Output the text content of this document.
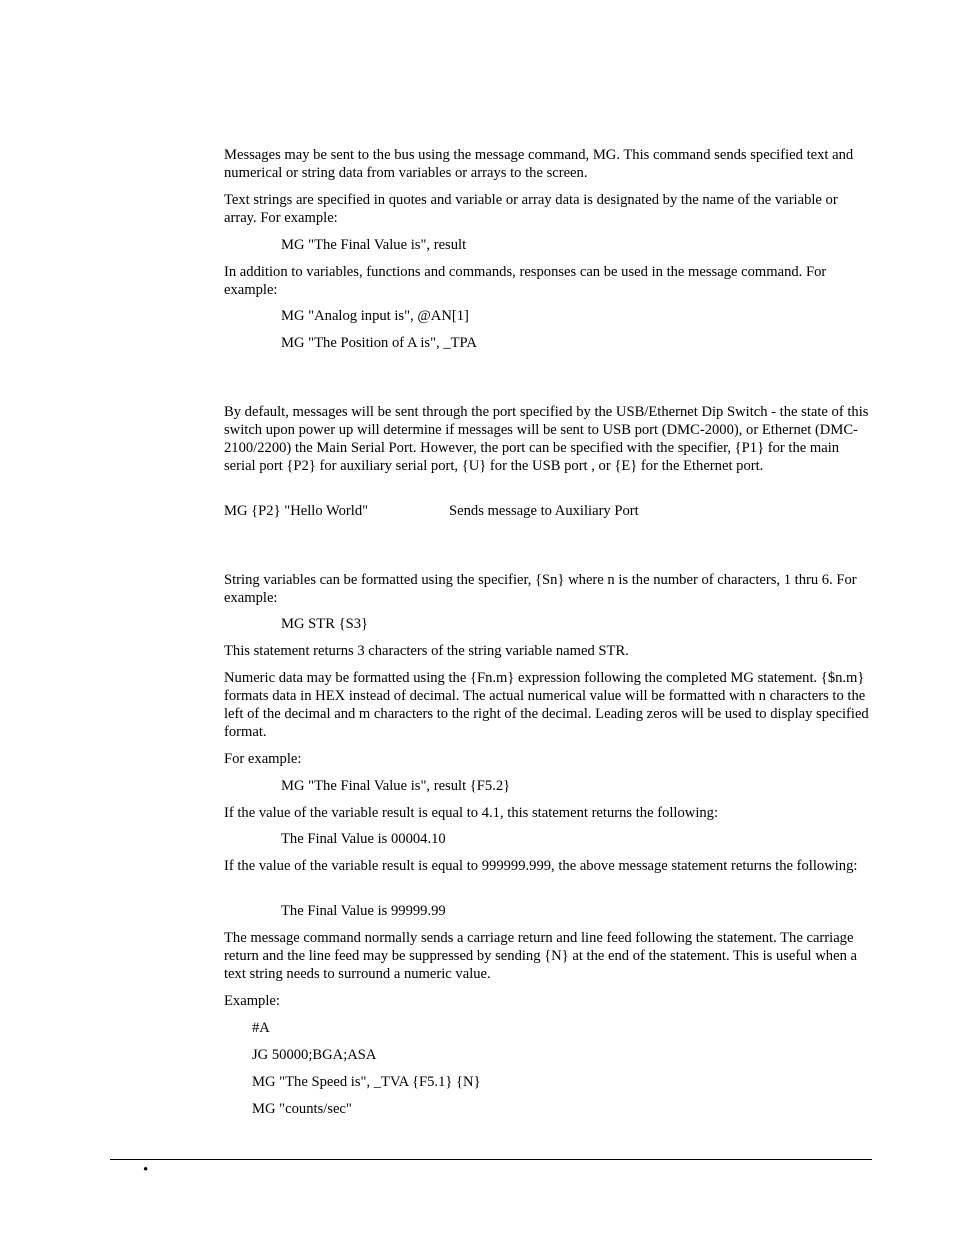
Messages may be sent to the bus using the message command, MG. This command sends specified text and numerical or string data from variables or arrays to the screen.

Text strings are specified in quotes and variable or array data is designated by the name of the variable or array. For example:

MG "The Final Value is", result

In addition to variables, functions and commands, responses can be used in the message command. For example:

MG "Analog input is", @AN[1]

MG "The Position of A is", _TPA

By default, messages will be sent through the port specified by the USB/Ethernet Dip Switch - the state of this switch upon power up will determine if messages will be sent to USB port (DMC-2000), or Ethernet (DMC-2100/2200) the Main Serial Port. However, the port can be specified with the specifier, {P1} for the main serial port {P2} for auxiliary serial port, {U} for the USB port , or {E} for the Ethernet port.

MG {P2} "Hello World"	Sends message to Auxiliary Port

String variables can be formatted using the specifier, {Sn} where n is the number of characters, 1 thru 6. For example:

MG STR {S3}

This statement returns 3 characters of the string variable named STR.

Numeric data may be formatted using the {Fn.m} expression following the completed MG statement. {$n.m} formats data in HEX instead of decimal. The actual numerical value will be formatted with n characters to the left of the decimal and m characters to the right of the decimal. Leading zeros will be used to display specified format.

For example:

MG "The Final Value is", result {F5.2}

If the value of the variable result is equal to 4.1, this statement returns the following:

The Final Value is 00004.10

If the value of the variable result is equal to 999999.999, the above message statement returns the following:

The Final Value is 99999.99

The message command normally sends a carriage return and line feed following the statement. The carriage return and the line feed may be suppressed by sending {N} at the end of the statement. This is useful when a text string needs to surround a numeric value.

Example:

#A

JG 50000;BGA;ASA

MG "The Speed is", _TVA {F5.1} {N}

MG "counts/sec"

•
